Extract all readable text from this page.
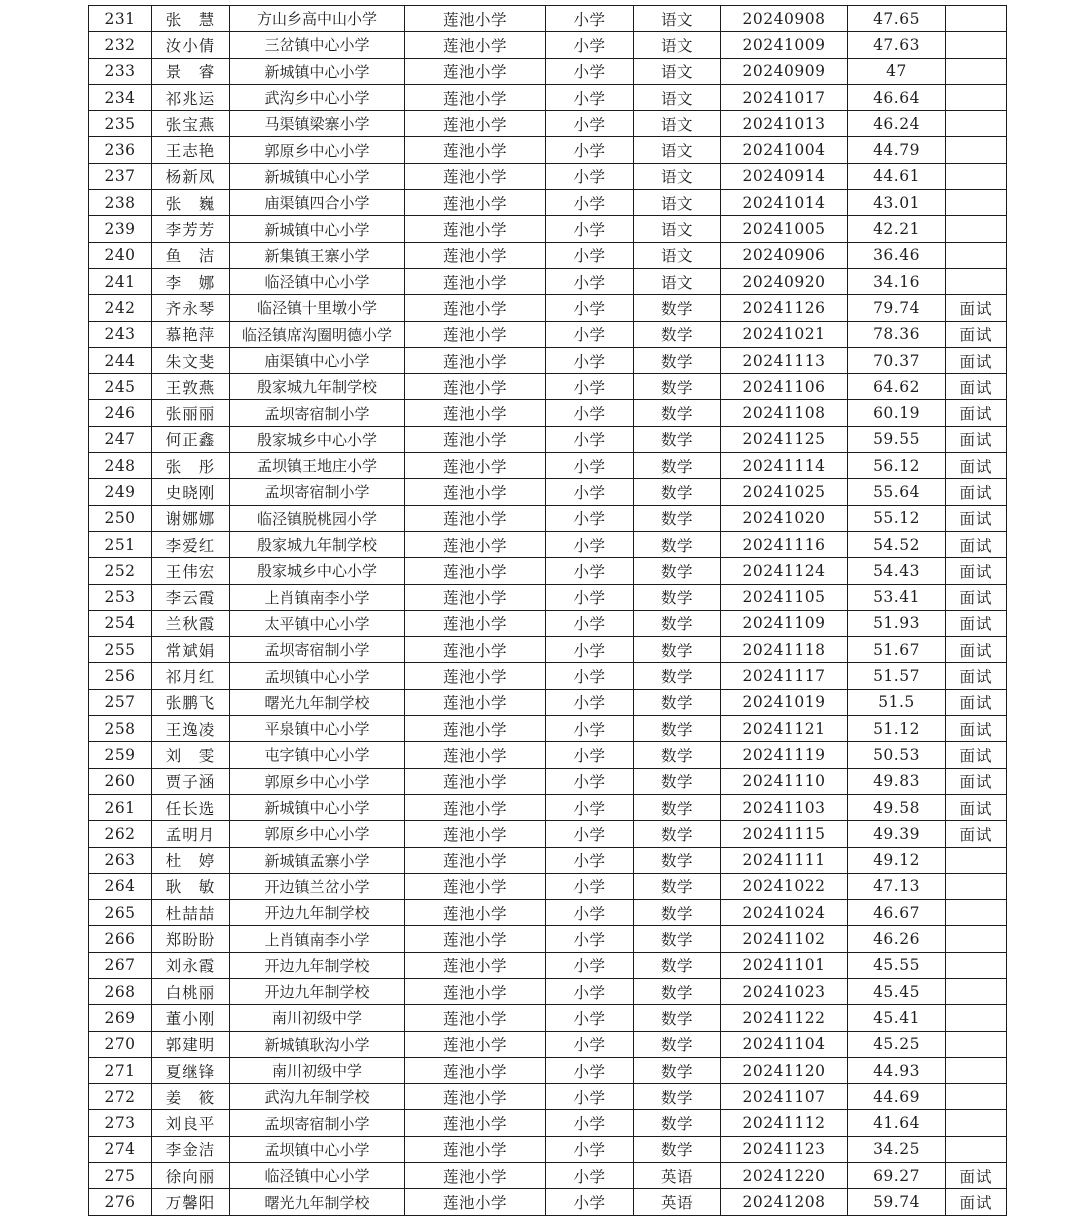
231	张　慧	方山乡高中山小学	莲池小学	小学	语文	20240908	47.65	
232	汝小倩	三岔镇中心小学	莲池小学	小学	语文	20241009	47.63	
233	景　睿	新城镇中心小学	莲池小学	小学	语文	20240909	47	
234	祁兆运	武沟乡中心小学	莲池小学	小学	语文	20241017	46.64	
235	张宝燕	马渠镇梁寨小学	莲池小学	小学	语文	20241013	46.24	
236	王志艳	郭原乡中心小学	莲池小学	小学	语文	20241004	44.79	
237	杨新凤	新城镇中心小学	莲池小学	小学	语文	20240914	44.61	
238	张　巍	庙渠镇四合小学	莲池小学	小学	语文	20241014	43.01	
239	李芳芳	新城镇中心小学	莲池小学	小学	语文	20241005	42.21	
240	鱼　洁	新集镇王寨小学	莲池小学	小学	语文	20240906	36.46	
241	李　娜	临泾镇中心小学	莲池小学	小学	语文	20240920	34.16	
242	齐永琴	临泾镇十里墩小学	莲池小学	小学	数学	20241126	79.74	面试
243	慕艳萍	临泾镇席沟圈明德小学	莲池小学	小学	数学	20241021	78.36	面试
244	朱文斐	庙渠镇中心小学	莲池小学	小学	数学	20241113	70.37	面试
245	王敦燕	殷家城九年制学校	莲池小学	小学	数学	20241106	64.62	面试
246	张丽丽	孟坝寄宿制小学	莲池小学	小学	数学	20241108	60.19	面试
247	何正鑫	殷家城乡中心小学	莲池小学	小学	数学	20241125	59.55	面试
248	张　彤	孟坝镇王地庄小学	莲池小学	小学	数学	20241114	56.12	面试
249	史晓刚	孟坝寄宿制小学	莲池小学	小学	数学	20241025	55.64	面试
250	谢娜娜	临泾镇脱桃园小学	莲池小学	小学	数学	20241020	55.12	面试
251	李爱红	殷家城九年制学校	莲池小学	小学	数学	20241116	54.52	面试
252	王伟宏	殷家城乡中心小学	莲池小学	小学	数学	20241124	54.43	面试
253	李云霞	上肖镇南李小学	莲池小学	小学	数学	20241105	53.41	面试
254	兰秋霞	太平镇中心小学	莲池小学	小学	数学	20241109	51.93	面试
255	常斌娟	孟坝寄宿制小学	莲池小学	小学	数学	20241118	51.67	面试
256	祁月红	孟坝镇中心小学	莲池小学	小学	数学	20241117	51.57	面试
257	张鹏飞	曙光九年制学校	莲池小学	小学	数学	20241019	51.5	面试
258	王逸凌	平泉镇中心小学	莲池小学	小学	数学	20241121	51.12	面试
259	刘　雯	屯字镇中心小学	莲池小学	小学	数学	20241119	50.53	面试
260	贾子涵	郭原乡中心小学	莲池小学	小学	数学	20241110	49.83	面试
261	任长选	新城镇中心小学	莲池小学	小学	数学	20241103	49.58	面试
262	孟明月	郭原乡中心小学	莲池小学	小学	数学	20241115	49.39	面试
263	杜　婷	新城镇孟寨小学	莲池小学	小学	数学	20241111	49.12	
264	耿　敏	开边镇兰岔小学	莲池小学	小学	数学	20241022	47.13	
265	杜喆喆	开边九年制学校	莲池小学	小学	数学	20241024	46.67	
266	郑盼盼	上肖镇南李小学	莲池小学	小学	数学	20241102	46.26	
267	刘永霞	开边九年制学校	莲池小学	小学	数学	20241101	45.55	
268	白桃丽	开边九年制学校	莲池小学	小学	数学	20241023	45.45	
269	董小刚	南川初级中学	莲池小学	小学	数学	20241122	45.41	
270	郭建明	新城镇耿沟小学	莲池小学	小学	数学	20241104	45.25	
271	夏继锋	南川初级中学	莲池小学	小学	数学	20241120	44.93	
272	姜　筱	武沟九年制学校	莲池小学	小学	数学	20241107	44.69	
273	刘良平	孟坝寄宿制小学	莲池小学	小学	数学	20241112	41.64	
274	李金洁	孟坝镇中心小学	莲池小学	小学	数学	20241123	34.25	
275	徐向丽	临泾镇中心小学	莲池小学	小学	英语	20241220	69.27	面试
276	万馨阳	曙光九年制学校	莲池小学	小学	英语	20241208	59.74	面试
